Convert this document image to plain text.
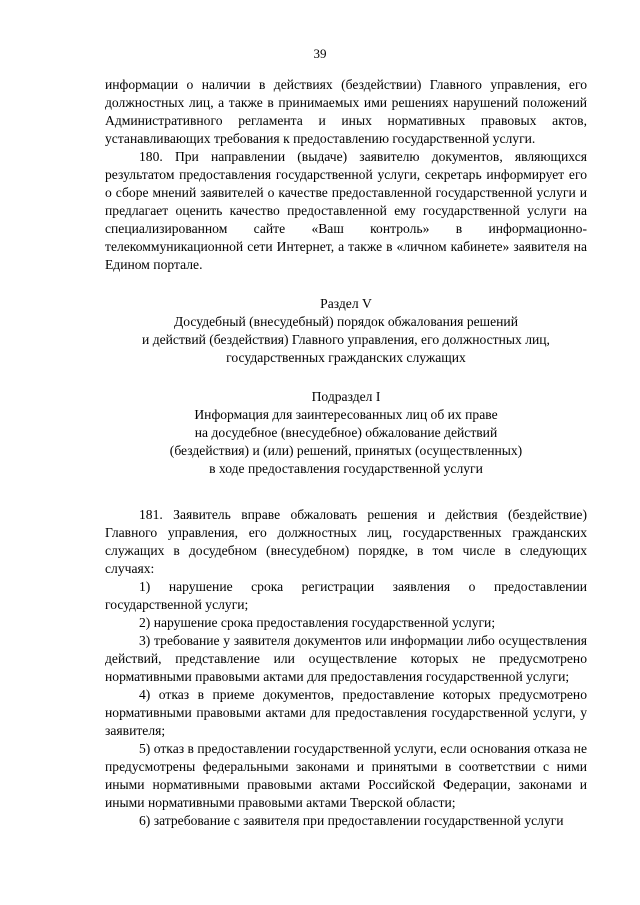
39

информации о наличии в действиях (бездействии) Главного управления, его должностных лиц, а также в принимаемых ими решениях нарушений положений Административного регламента и иных нормативных правовых актов, устанавливающих требования к предоставлению государственной услуги.

180. При направлении (выдаче) заявителю документов, являющихся результатом предоставления государственной услуги, секретарь информирует его о сборе мнений заявителей о качестве предоставленной государственной услуги и предлагает оценить качество предоставленной ему государственной услуги на специализированном сайте «Ваш контроль» в информационно-телекоммуникационной сети Интернет, а также в «личном кабинете» заявителя на Едином портале.

Раздел V

Досудебный (внесудебный) порядок обжалования решений

и действий (бездействия) Главного управления, его должностных лиц,

государственных гражданских служащих

Подраздел I

Информация для заинтересованных лиц об их праве

на досудебное (внесудебное) обжалование действий

(бездействия) и (или) решений, принятых (осуществленных)

в ходе предоставления государственной услуги

181. Заявитель вправе обжаловать решения и действия (бездействие) Главного управления, его должностных лиц, государственных гражданских служащих в досудебном (внесудебном) порядке, в том числе в следующих случаях:

1) нарушение срока регистрации заявления о предоставлении государственной услуги;

2) нарушение срока предоставления государственной услуги;

3) требование у заявителя документов или информации либо осуществления действий, представление или осуществление которых не предусмотрено нормативными правовыми актами для предоставления государственной услуги;

4) отказ в приеме документов, предоставление которых предусмотрено нормативными правовыми актами для предоставления государственной услуги, у заявителя;

5) отказ в предоставлении государственной услуги, если основания отказа не предусмотрены федеральными законами и принятыми в соответствии с ними иными нормативными правовыми актами Российской Федерации, законами и иными нормативными правовыми актами Тверской области;

6) затребование с заявителя при предоставлении государственной услуги
